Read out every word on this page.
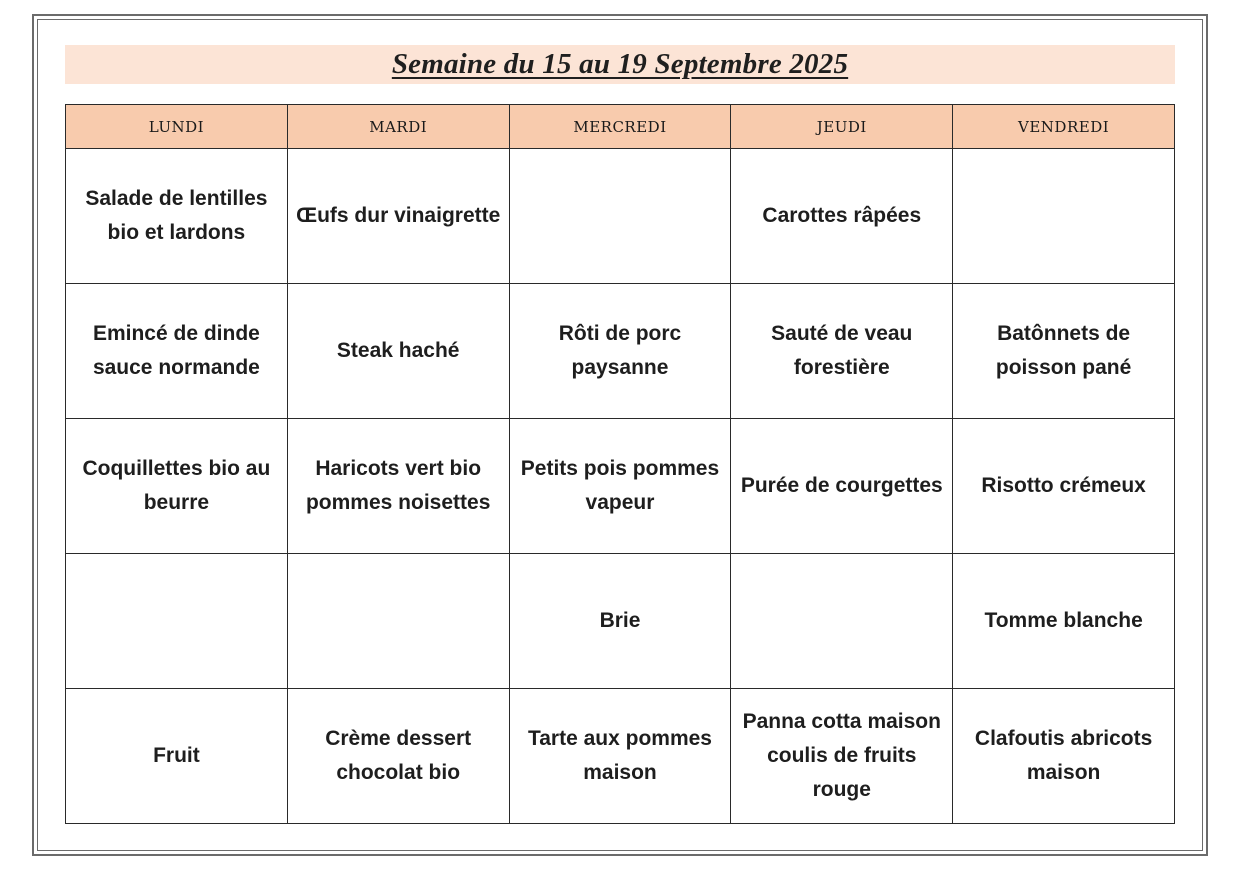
Semaine du 15 au 19 Septembre 2025
LUNDI	MARDI	MERCREDI	JEUDI	VENDREDI
Salade de lentilles bio et lardons	Œufs dur vinaigrette		Carottes râpées	
Emincé de dinde sauce normande	Steak haché	Rôti de porc paysanne	Sauté de veau forestière	Batônnets de poisson pané
Coquillettes bio au beurre	Haricots vert bio pommes noisettes	Petits pois pommes vapeur	Purée de courgettes	Risotto crémeux
		Brie		Tomme blanche
Fruit	Crème dessert chocolat bio	Tarte aux pommes maison	Panna cotta maison coulis de fruits rouge	Clafoutis abricots maison
